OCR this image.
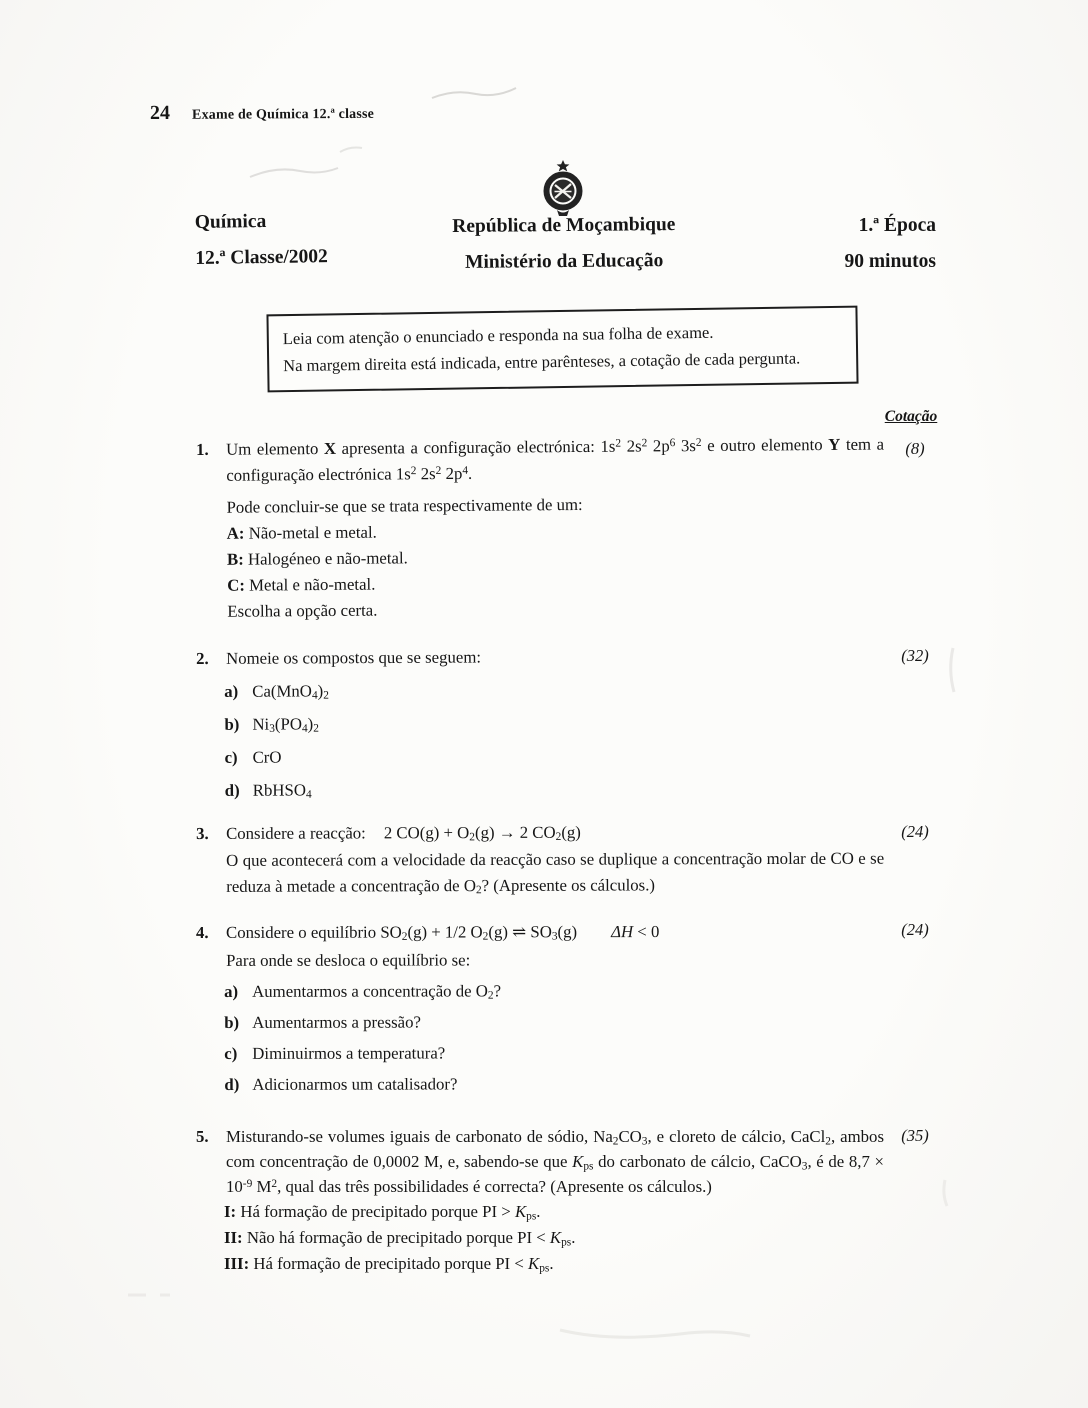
24 Exame de Química 12.ª classe
Química
12.ª Classe/2002
República de Moçambique
Ministério da Educação
1.ª Época
90 minutos
Leia com atenção o enunciado e responda na sua folha de exame.
Na margem direita está indicada, entre parênteses, a cotação de cada pergunta.
Cotação

1. Um elemento X apresenta a configuração electrónica: $1s^2$ $2s^2$ $2p^6$ $3s^2$ e outro elemento Y tem a configuração electrónica $1s^2$ $2s^2$ $2p^4$.

Pode concluir-se que se trata respectivamente de um:

A: Não-metal e metal.

B: Halogéneo e não-metal.

C: Metal e não-metal.

Escolha a opção certa.

(8)

2. Nomeie os compostos que se seguem:

a) $Ca(MnO_4)_2$

b) $Ni_3(PO_4)_2$

c) CrO

d) RbHSO$_4$

(32)

3. Considere a reacção: 2 $CO(g) + O_2(g) \to 2$ $CO_2(g)$

O que acontecerá com a velocidade da reacção caso se duplique a concentração molar de CO e se reduza à metade a concentração de $O_2$? (Apresente os cálculos.)

(24)

4. Considere o equilíbrio $SO_2(g) + 1/2$ $O_2(g)$ ⇌ $SO_3(g) \Delta H < 0$

Para onde se desloca o equilíbrio se:

a) Aumentarmos a concentração de $O_2$?

b) Aumentarmos a pressão?

c) Diminuirmos a temperatura?

d) Adicionarmos um catalisador?

(24)

5. Misturando-se volumes iguais de carbonato de sódio, $Na_2CO_3$, e cloreto de cálcio, CaCl$_2$, ambos com concentração de 0,0002 M, e, sabendo-se que $K_{ps}$ do carbonato de cálcio, CaCO$_3$, é de $8,7 \times 10^{-9}$ $M^2$, qual das três possibilidades é correcta? (Apresente os cálculos.)

I: Há formação de precipitado porque PI > $K_{ps}$.

II: Não há formação de precipitado porque PI < $K_{ps}$.

III: Há formação de precipitado porque PI < $K_{ps}$.

(35)
